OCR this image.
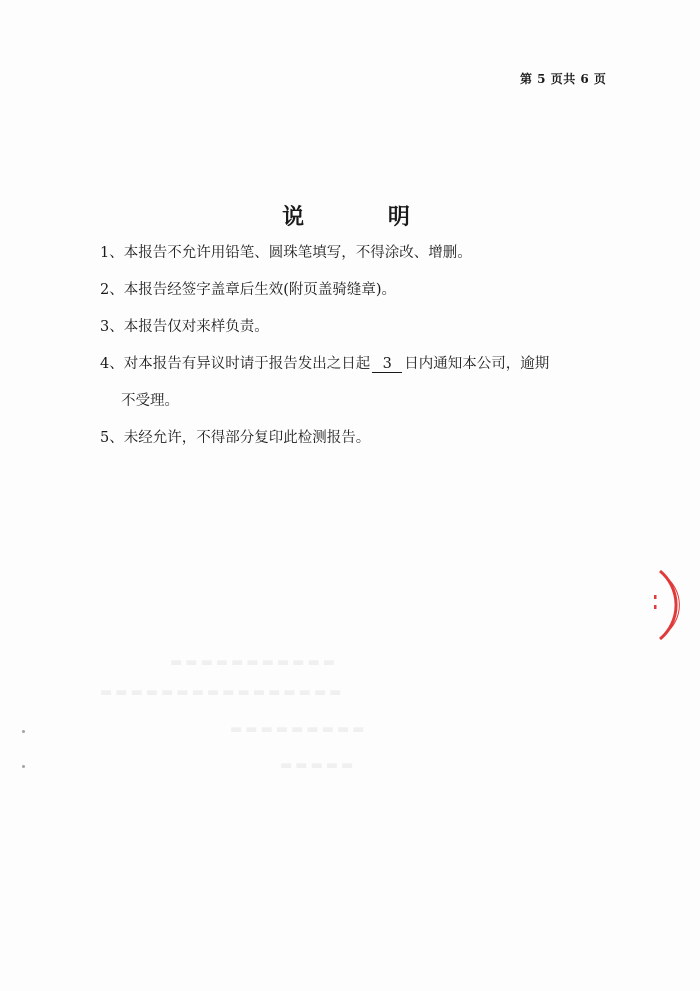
▬▬▬▬▬▬▬▬▬▬▬
▬▬▬▬▬▬▬▬▬▬▬▬▬▬▬▬
▬▬▬▬▬▬▬▬▬
▬▬▬▬▬
第 5 页共 6 页
说 明
1、本报告不允许用铅笔、圆珠笔填写，不得涂改、增删。
2、本报告经签字盖章后生效(附页盖骑缝章)。
3、本报告仅对来样负责。
4、对本报告有异议时请于报告发出之日起 3 日内通知本公司，逾期
不受理。
5、未经允许，不得部分复印此检测报告。
